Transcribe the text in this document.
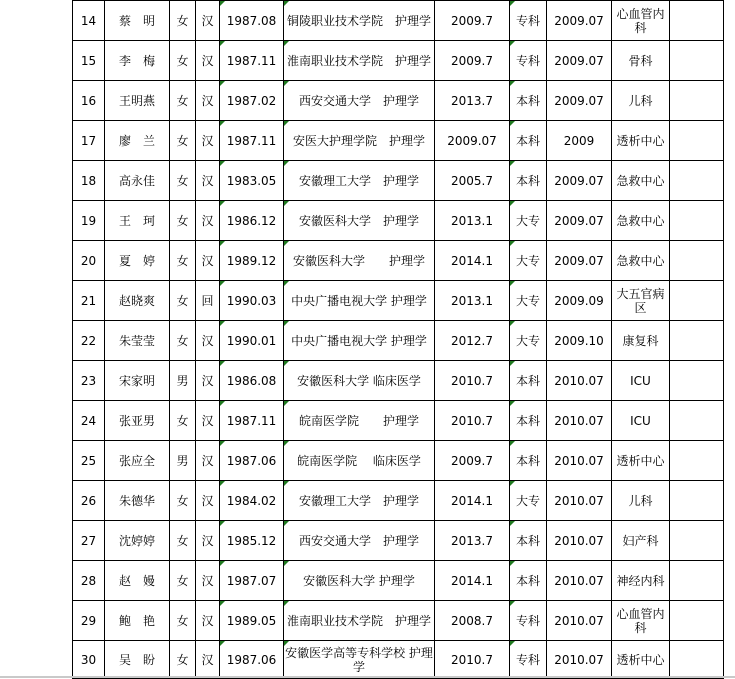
14	蔡　明	女	汉	1987.08	铜陵职业技术学院　护理学	2009.7	专科	2009.07	心血管内科	
15	李　梅	女	汉	1987.11	淮南职业技术学院　护理学	2009.7	专科	2009.07	骨科	
16	王明燕	女	汉	1987.02	西安交通大学　护理学	2013.7	本科	2009.07	儿科	
17	廖　兰	女	汉	1987.11	安医大护理学院　护理学	2009.07	本科	2009	透析中心	
18	高永佳	女	汉	1983.05	安徽理工大学　护理学	2005.7	本科	2009.07	急救中心	
19	王　珂	女	汉	1986.12	安徽医科大学　护理学	2013.1	大专	2009.07	急救中心	
20	夏　婷	女	汉	1989.12	安徽医科大学　　护理学	2014.1	大专	2009.07	急救中心	
21	赵晓爽	女	回	1990.03	中央广播电视大学 护理学	2013.1	大专	2009.09	大五官病区	
22	朱莹莹	女	汉	1990.01	中央广播电视大学 护理学	2012.7	大专	2009.10	康复科	
23	宋家明	男	汉	1986.08	安徽医科大学 临床医学	2010.7	本科	2010.07	ICU	
24	张亚男	女	汉	1987.11	皖南医学院　　护理学	2010.7	本科	2010.07	ICU	
25	张应全	男	汉	1987.06	皖南医学院　 临床医学	2009.7	本科	2010.07	透析中心	
26	朱德华	女	汉	1984.02	安徽理工大学　护理学	2014.1	大专	2010.07	儿科	
27	沈婷婷	女	汉	1985.12	西安交通大学　护理学	2013.7	本科	2010.07	妇产科	
28	赵　嫚	女	汉	1987.07	安徽医科大学 护理学	2014.1	本科	2010.07	神经内科	
29	鲍　艳	女	汉	1989.05	淮南职业技术学院　护理学	2008.7	专科	2010.07	心血管内科	
30	吴　盼	女	汉	1987.06	安徽医学高等专科学校 护理学	2010.7	专科	2010.07	透析中心	
